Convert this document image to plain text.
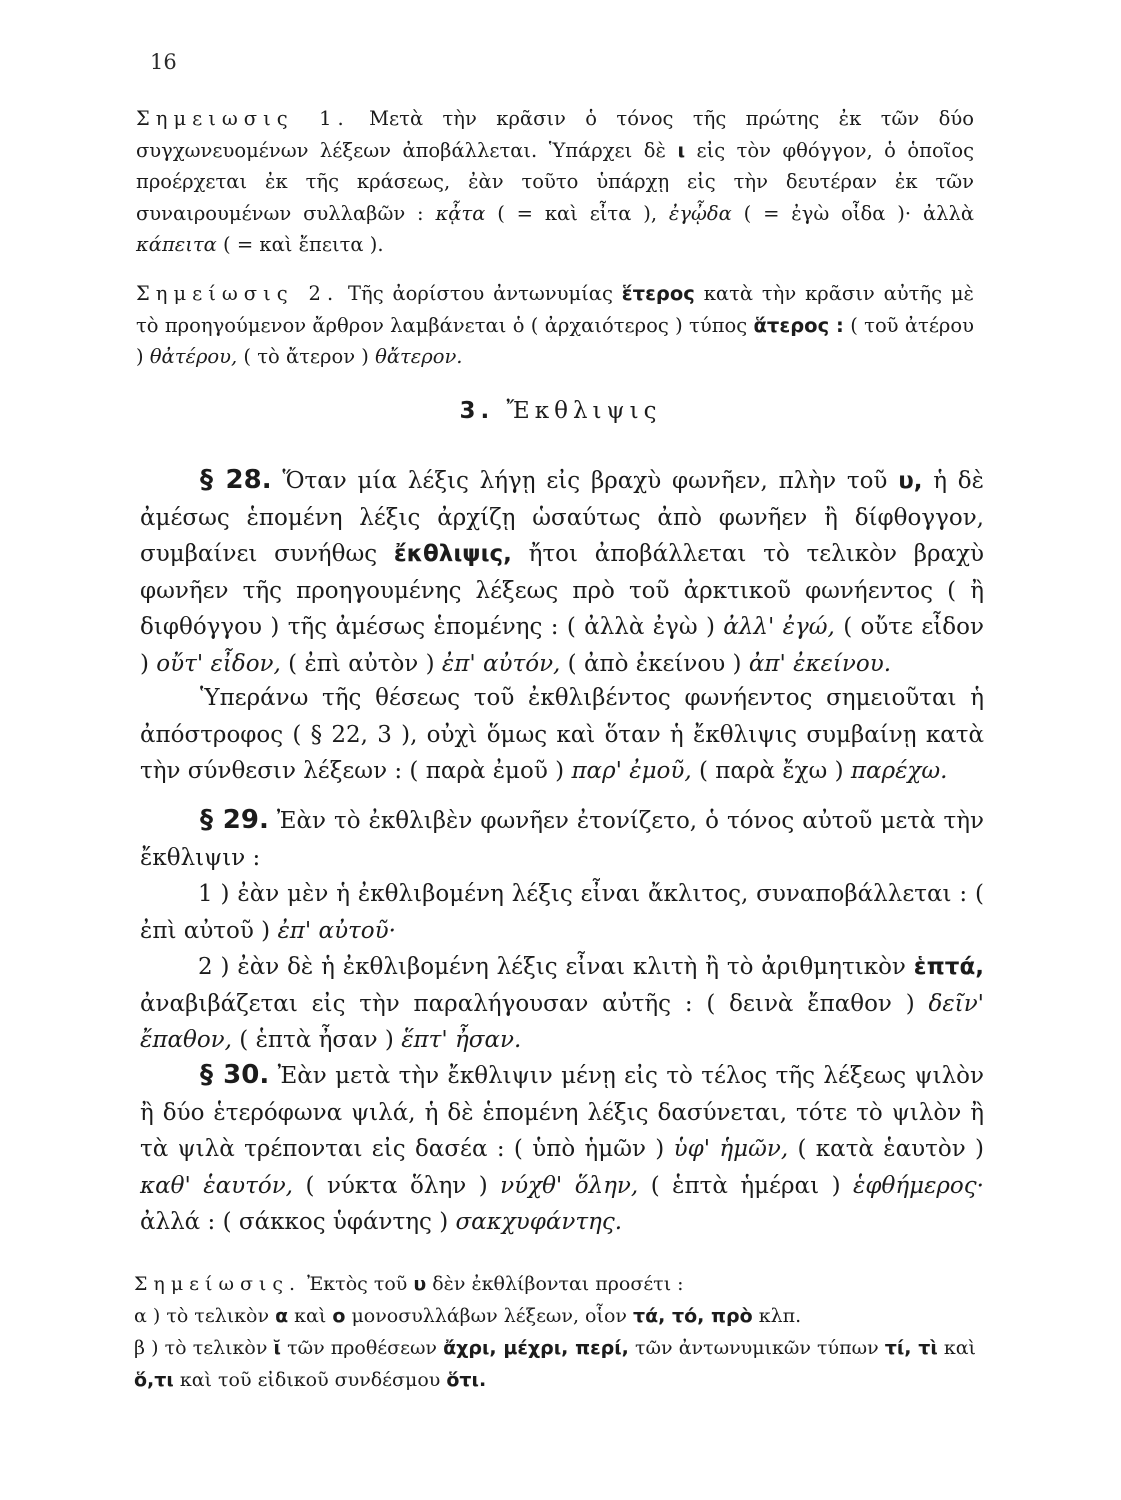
16

Σημειωσις 1. Μετὰ τὴν κρᾶσιν ὁ τόνος τῆς πρώτης ἐκ τῶν δύο συγχωνευομένων λέξεων ἀποβάλλεται. Ὑπάρχει δὲ ι εἰς τὸν φθόγγον, ὁ ὁποῖος προέρχεται ἐκ τῆς κράσεως, ἐὰν τοῦτο ὑπάρχῃ εἰς τὴν δευτέραν ἐκ τῶν συναιρουμένων συλλαβῶν : κᾆτα ( = καὶ εἶτα ), ἐγᾦδα ( = ἐγὼ οἶδα )· ἀλλὰ κάπειτα ( = καὶ ἔπειτα ).

Σημείωσις 2. Τῆς ἀορίστου ἀντωνυμίας ἕτερος κατὰ τὴν κρᾶσιν αὐτῆς μὲ τὸ προηγούμενον ἄρθρον λαμβάνεται ὁ ( ἀρχαιότερος ) τύπος ἅτερος : ( τοῦ ἀτέρου ) θἀτέρου, ( τὸ ἄτερον ) θἄτερον.

3. Ἔκθλιψις

§ 28. Ὅταν μία λέξις λήγῃ εἰς βραχὺ φωνῆεν, πλὴν τοῦ υ, ἡ δὲ ἀμέσως ἑπομένη λέξις ἀρχίζῃ ὡσαύτως ἀπὸ φωνῆεν ἢ δίφθογγον, συμβαίνει συνήθως ἔκθλιψις, ἤτοι ἀποβάλλεται τὸ τελικὸν βραχὺ φωνῆεν τῆς προηγουμένης λέξεως πρὸ τοῦ ἀρκτικοῦ φωνήεντος ( ἢ διφθόγγου ) τῆς ἀμέσως ἑπομένης : ( ἀλλὰ ἐγὼ ) ἀλλ' ἐγώ, ( οὔτε εἶδον ) οὔτ' εἶδον, ( ἐπὶ αὐτὸν ) ἐπ' αὐτόν, ( ἀπὸ ἐκείνου ) ἀπ' ἐκείνου.

Ὑπεράνω τῆς θέσεως τοῦ ἐκθλιβέντος φωνήεντος σημειοῦται ἡ ἀπόστροφος ( § 22, 3 ), οὐχὶ ὅμως καὶ ὅταν ἡ ἔκθλιψις συμβαίνῃ κατὰ τὴν σύνθεσιν λέξεων : ( παρὰ ἐμοῦ ) παρ' ἐμοῦ, ( παρὰ ἔχω ) παρέχω.

§ 29. Ἐὰν τὸ ἐκθλιβὲν φωνῆεν ἐτονίζετο, ὁ τόνος αὐτοῦ μετὰ τὴν ἔκθλιψιν :

1 ) ἐὰν μὲν ἡ ἐκθλιβομένη λέξις εἶναι ἄκλιτος, συναποβάλλεται : ( ἐπὶ αὐτοῦ ) ἐπ' αὐτοῦ·

2 ) ἐὰν δὲ ἡ ἐκθλιβομένη λέξις εἶναι κλιτὴ ἢ τὸ ἀριθμητικὸν ἑπτά, ἀναβιβάζεται εἰς τὴν παραλήγουσαν αὐτῆς : ( δεινὰ ἔπαθον ) δεῖν' ἔπαθον, ( ἑπτὰ ἦσαν ) ἕπτ' ἦσαν.

§ 30. Ἐὰν μετὰ τὴν ἔκθλιψιν μένῃ εἰς τὸ τέλος τῆς λέξεως ψιλὸν ἢ δύο ἑτερόφωνα ψιλά, ἡ δὲ ἑπομένη λέξις δασύνεται, τότε τὸ ψιλὸν ἢ τὰ ψιλὰ τρέπονται εἰς δασέα : ( ὑπὸ ἡμῶν ) ὑφ' ἡμῶν, ( κατὰ ἑαυτὸν ) καθ' ἑαυτόν, ( νύκτα ὅλην ) νύχθ' ὅλην, ( ἑπτὰ ἡμέραι ) ἑφθήμερος· ἀλλά : ( σάκκος ὑφάντης ) σακχυφάντης.

Σημείωσις. Ἐκτὸς τοῦ υ δὲν ἐκθλίβονται προσέτι :

α ) τὸ τελικὸν α καὶ ο μονοσυλλάβων λέξεων, οἷον τά, τό, πρὸ κλπ.

β ) τὸ τελικὸν ῐ τῶν προθέσεων ἄχρι, μέχρι, περί, τῶν ἀντωνυμικῶν τύπων τί, τὶ καὶ ὅ,τι καὶ τοῦ εἰδικοῦ συνδέσμου ὅτι.
